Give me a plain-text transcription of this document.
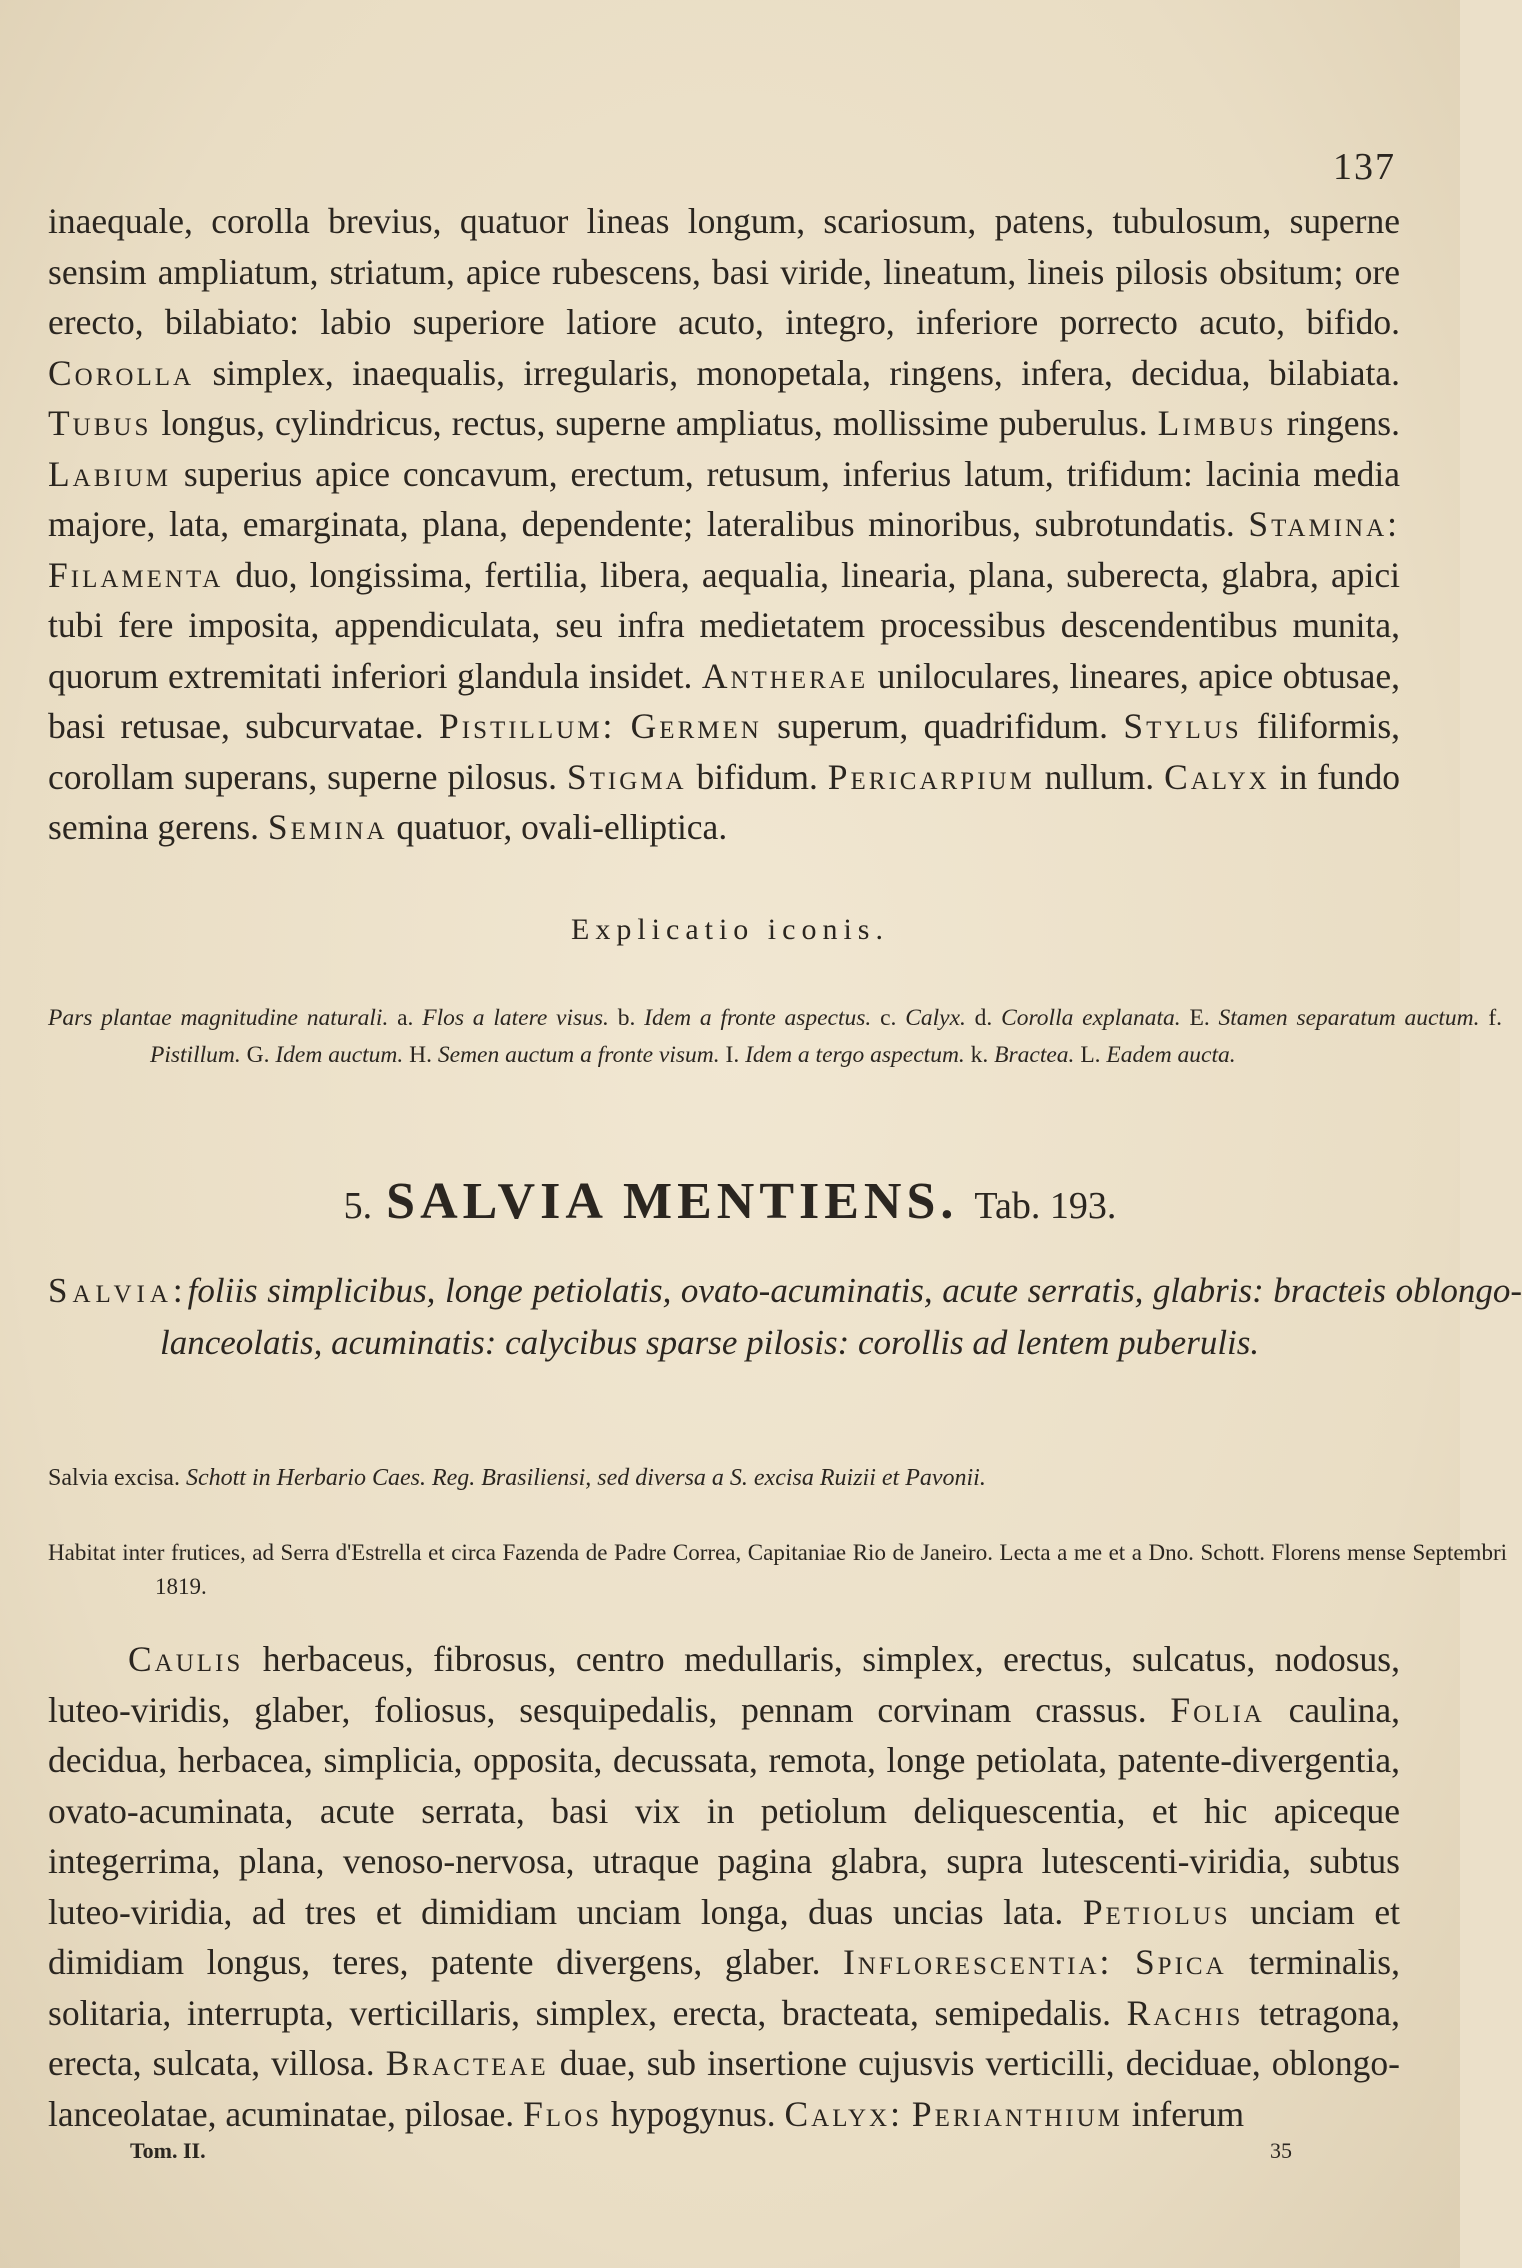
137
inaequale, corolla brevius, quatuor lineas longum, scariosum, patens, tubulosum, superne sensim ampliatum, striatum, apice rubescens, basi viride, lineatum, lineis pilosis obsitum; ore erecto, bilabiato: labio superiore latiore acuto, integro, inferiore porrecto acuto, bifido. Corolla simplex, inaequalis, irregularis, monopetala, ringens, infera, decidua, bilabiata. Tubus longus, cylindricus, rectus, superne ampliatus, mollissime puberulus. Limbus ringens. Labium superius apice concavum, erectum, retusum, inferius latum, trifidum: lacinia media majore, lata, emarginata, plana, dependente; lateralibus minoribus, subrotundatis. Stamina: Filamenta duo, longissima, fertilia, libera, aequalia, linearia, plana, suberecta, glabra, apici tubi fere imposita, appendiculata, seu infra medietatem processibus descendentibus munita, quorum extremitati inferiori glandula insidet. Antherae uniloculares, lineares, apice obtusae, basi retusae, subcurvatae. Pistillum: Germen superum, quadrifidum. Stylus filiformis, corollam superans, superne pilosus. Stigma bifidum. Pericarpium nullum. Calyx in fundo semina gerens. Semina quatuor, ovali-elliptica.
Explicatio iconis.
Pars plantae magnitudine naturali. a. Flos a latere visus. b. Idem a fronte aspectus. c. Calyx. d. Corolla explanata. E. Stamen separatum auctum. f. Pistillum. G. Idem auctum. H. Semen auctum a fronte visum. I. Idem a tergo aspectum. k. Bractea. L. Eadem aucta.
5. SALVIA MENTIENS. Tab. 193.
Salvia:foliis simplicibus, longe petiolatis, ovato-acuminatis, acute serratis, glabris: bracteis oblongo-lanceolatis, acuminatis: calycibus sparse pilosis: corollis ad lentem puberulis.
Salvia excisa. Schott in Herbario Caes. Reg. Brasiliensi, sed diversa a S. excisa Ruizii et Pavonii.
Habitat inter frutices, ad Serra d'Estrella et circa Fazenda de Padre Correa, Capitaniae Rio de Janeiro. Lecta a me et a Dno. Schott. Florens mense Septembri 1819.
Caulis herbaceus, fibrosus, centro medullaris, simplex, erectus, sulcatus, nodosus, luteo-viridis, glaber, foliosus, sesquipedalis, pennam corvinam crassus. Folia caulina, decidua, herbacea, simplicia, opposita, decussata, remota, longe petiolata, patente-divergentia, ovato-acuminata, acute serrata, basi vix in petiolum deliquescentia, et hic apiceque integerrima, plana, venoso-nervosa, utraque pagina glabra, supra lutescenti-viridia, subtus luteo-viridia, ad tres et dimidiam unciam longa, duas uncias lata. Petiolus unciam et dimidiam longus, teres, patente divergens, glaber. Inflorescentia: Spica terminalis, solitaria, interrupta, verticillaris, simplex, erecta, bracteata, semipedalis. Rachis tetragona, erecta, sulcata, villosa. Bracteae duae, sub insertione cujusvis verticilli, deciduae, oblongo-lanceolatae, acuminatae, pilosae. Flos hypogynus. Calyx: Perianthium inferum
Tom. II.	35
